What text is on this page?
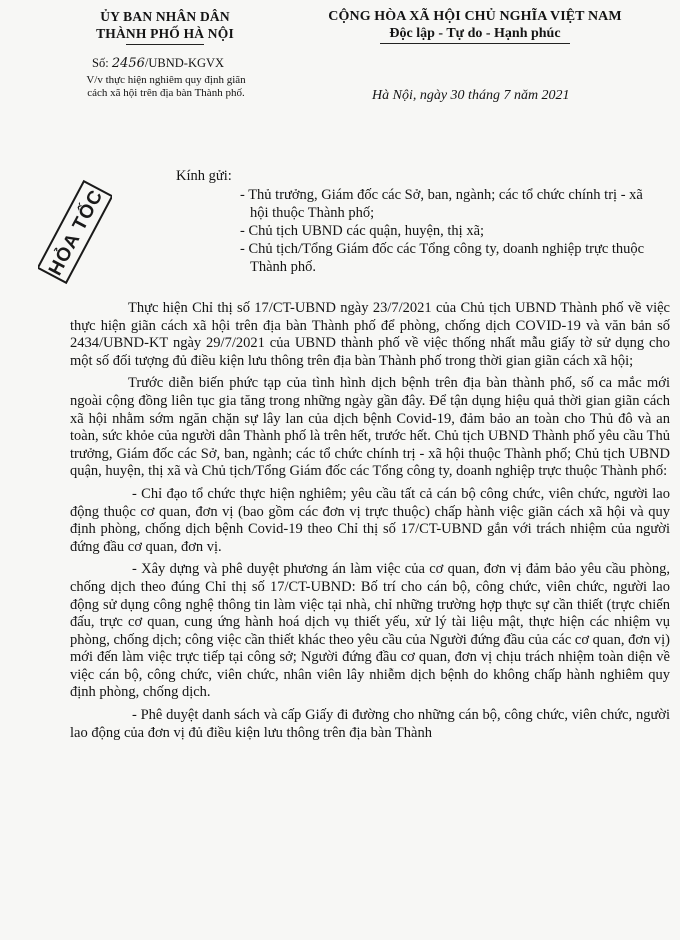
ỦY BAN NHÂN DÂN
THÀNH PHỐ HÀ NỘI
CỘNG HÒA XÃ HỘI CHỦ NGHĨA VIỆT NAM
Độc lập - Tự do - Hạnh phúc
Số: 2456/UBND-KGVX
V/v thực hiện nghiêm quy định giãn
cách xã hội trên địa bàn Thành phố.	Hà Nội, ngày 30 tháng 7 năm 2021
HỎA TỐC
Kính gửi:
- Thủ trưởng, Giám đốc các Sở, ban, ngành; các tổ chức chính trị - xã hội thuộc Thành phố;
- Chủ tịch UBND các quận, huyện, thị xã;
- Chủ tịch/Tổng Giám đốc các Tổng công ty, doanh nghiệp trực thuộc Thành phố.

Thực hiện Chỉ thị số 17/CT-UBND ngày 23/7/2021 của Chủ tịch UBND Thành phố về việc thực hiện giãn cách xã hội trên địa bàn Thành phố để phòng, chống dịch COVID-19 và văn bản số 2434/UBND-KT ngày 29/7/2021 của UBND thành phố về việc thống nhất mẫu giấy tờ sử dụng cho một số đối tượng đủ điều kiện lưu thông trên địa bàn Thành phố trong thời gian giãn cách xã hội;

Trước diễn biến phức tạp của tình hình dịch bệnh trên địa bàn thành phố, số ca mắc mới ngoài cộng đồng liên tục gia tăng trong những ngày gần đây. Để tận dụng hiệu quả thời gian giãn cách xã hội nhằm sớm ngăn chặn sự lây lan của dịch bệnh Covid-19, đảm bảo an toàn cho Thủ đô và an toàn, sức khỏe của người dân Thành phố là trên hết, trước hết. Chủ tịch UBND Thành phố yêu cầu Thủ trưởng, Giám đốc các Sở, ban, ngành; các tổ chức chính trị - xã hội thuộc Thành phố; Chủ tịch UBND quận, huyện, thị xã và Chủ tịch/Tổng Giám đốc các Tổng công ty, doanh nghiệp trực thuộc Thành phố:

- Chỉ đạo tổ chức thực hiện nghiêm; yêu cầu tất cả cán bộ công chức, viên chức, người lao động thuộc cơ quan, đơn vị (bao gồm các đơn vị trực thuộc) chấp hành việc giãn cách xã hội và quy định phòng, chống dịch bệnh Covid-19 theo Chỉ thị số 17/CT-UBND gắn với trách nhiệm của người đứng đầu cơ quan, đơn vị.

- Xây dựng và phê duyệt phương án làm việc của cơ quan, đơn vị đảm bảo yêu cầu phòng, chống dịch theo đúng Chỉ thị số 17/CT-UBND: Bố trí cho cán bộ, công chức, viên chức, người lao động sử dụng công nghệ thông tin làm việc tại nhà, chỉ những trường hợp thực sự cần thiết (trực chiến đấu, trực cơ quan, cung ứng hành hoá dịch vụ thiết yếu, xử lý tài liệu mật, thực hiện các nhiệm vụ phòng, chống dịch; công việc cần thiết khác theo yêu cầu của Người đứng đầu của các cơ quan, đơn vị) mới đến làm việc trực tiếp tại công sở; Người đứng đầu cơ quan, đơn vị chịu trách nhiệm toàn diện về việc cán bộ, công chức, viên chức, nhân viên lây nhiễm dịch bệnh do không chấp hành nghiêm quy định phòng, chống dịch.

- Phê duyệt danh sách và cấp Giấy đi đường cho những cán bộ, công chức, viên chức, người lao động của đơn vị đủ điều kiện lưu thông trên địa bàn Thành
